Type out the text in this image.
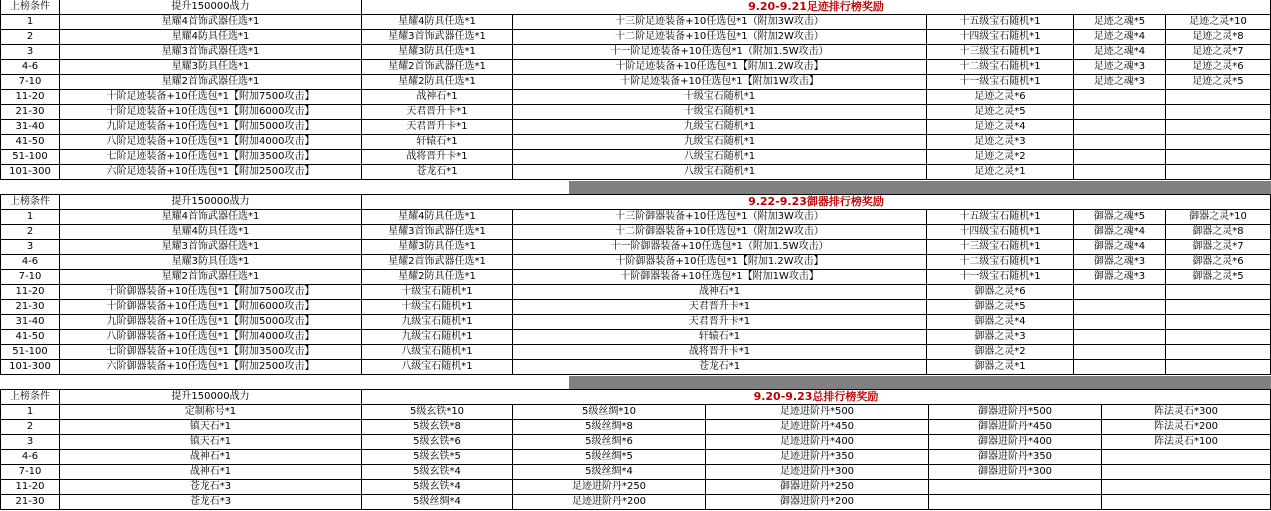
上榜条件	提升150000战力	9.20-9.21足迹排行榜奖励
1	星耀4首饰武器任选*1	星耀4防具任选*1	十三阶足迹装备+10任选包*1（附加3W攻击）	十五级宝石随机*1	足迹之魂*5	足迹之灵*10
2	星耀4防具任选*1	星耀3首饰武器任选*1	十二阶足迹装备+10任选包*1（附加2W攻击）	十四级宝石随机*1	足迹之魂*4	足迹之灵*8
3	星耀3首饰武器任选*1	星耀3防具任选*1	十一阶足迹装备+10任选包*1（附加1.5W攻击）	十三级宝石随机*1	足迹之魂*4	足迹之灵*7
4-6	星耀3防具任选*1	星耀2首饰武器任选*1	十阶足迹装备+10任选包*1【附加1.2W攻击】	十二级宝石随机*1	足迹之魂*3	足迹之灵*6
7-10	星耀2首饰武器任选*1	星耀2防具任选*1	十阶足迹装备+10任选包*1【附加1W攻击】	十一级宝石随机*1	足迹之魂*3	足迹之灵*5
11-20	十阶足迹装备+10任选包*1【附加7500攻击】	战神石*1	十级宝石随机*1	足迹之灵*6
21-30	十阶足迹装备+10任选包*1【附加6000攻击】	天君晋升卡*1	十级宝石随机*1	足迹之灵*5
31-40	九阶足迹装备+10任选包*1【附加5000攻击】	天君晋升卡*1	九级宝石随机*1	足迹之灵*4
41-50	八阶足迹装备+10任选包*1【附加4000攻击】	轩辕石*1	九级宝石随机*1	足迹之灵*3
51-100	七阶足迹装备+10任选包*1【附加3500攻击】	战将晋升卡*1	八级宝石随机*1	足迹之灵*2
101-300	六阶足迹装备+10任选包*1【附加2500攻击】	苍龙石*1	八级宝石随机*1	足迹之灵*1
上榜条件	提升150000战力	9.22-9.23御器排行榜奖励
1	星耀4首饰武器任选*1	星耀4防具任选*1	十三阶御器装备+10任选包*1（附加3W攻击）	十五级宝石随机*1	御器之魂*5	御器之灵*10
2	星耀4防具任选*1	星耀3首饰武器任选*1	十二阶御器装备+10任选包*1（附加2W攻击）	十四级宝石随机*1	御器之魂*4	御器之灵*8
3	星耀3首饰武器任选*1	星耀3防具任选*1	十一阶御器装备+10任选包*1（附加1.5W攻击）	十三级宝石随机*1	御器之魂*4	御器之灵*7
4-6	星耀3防具任选*1	星耀2首饰武器任选*1	十阶御器装备+10任选包*1【附加1.2W攻击】	十二级宝石随机*1	御器之魂*3	御器之灵*6
7-10	星耀2首饰武器任选*1	星耀2防具任选*1	十阶御器装备+10任选包*1【附加1W攻击】	十一级宝石随机*1	御器之魂*3	御器之灵*5
11-20	十阶御器装备+10任选包*1【附加7500攻击】	十级宝石随机*1	战神石*1	御器之灵*6
21-30	十阶御器装备+10任选包*1【附加6000攻击】	十级宝石随机*1	天君晋升卡*1	御器之灵*5
31-40	九阶御器装备+10任选包*1【附加5000攻击】	九级宝石随机*1	天君晋升卡*1	御器之灵*4
41-50	八阶御器装备+10任选包*1【附加4000攻击】	九级宝石随机*1	轩辕石*1	御器之灵*3
51-100	七阶御器装备+10任选包*1【附加3500攻击】	八级宝石随机*1	战将晋升卡*1	御器之灵*2
101-300	六阶御器装备+10任选包*1【附加2500攻击】	八级宝石随机*1	苍龙石*1	御器之灵*1
上榜条件	提升150000战力	9.20-9.23总排行榜奖励
1	定制称号*1	5级玄铁*10	5级丝绸*10	足迹进阶丹*500	御器进阶丹*500	阵法灵石*300
2	镇天石*1	5级玄铁*8	5级丝绸*8	足迹进阶丹*450	御器进阶丹*450	阵法灵石*200
3	镇天石*1	5级玄铁*6	5级丝绸*6	足迹进阶丹*400	御器进阶丹*400	阵法灵石*100
4-6	战神石*1	5级玄铁*5	5级丝绸*5	足迹进阶丹*350	御器进阶丹*350
7-10	战神石*1	5级玄铁*4	5级丝绸*4	足迹进阶丹*300	御器进阶丹*300
11-20	苍龙石*3	5级玄铁*4	足迹进阶丹*250	御器进阶丹*250
21-30	苍龙石*3	5级丝绸*4	足迹进阶丹*200	御器进阶丹*200
